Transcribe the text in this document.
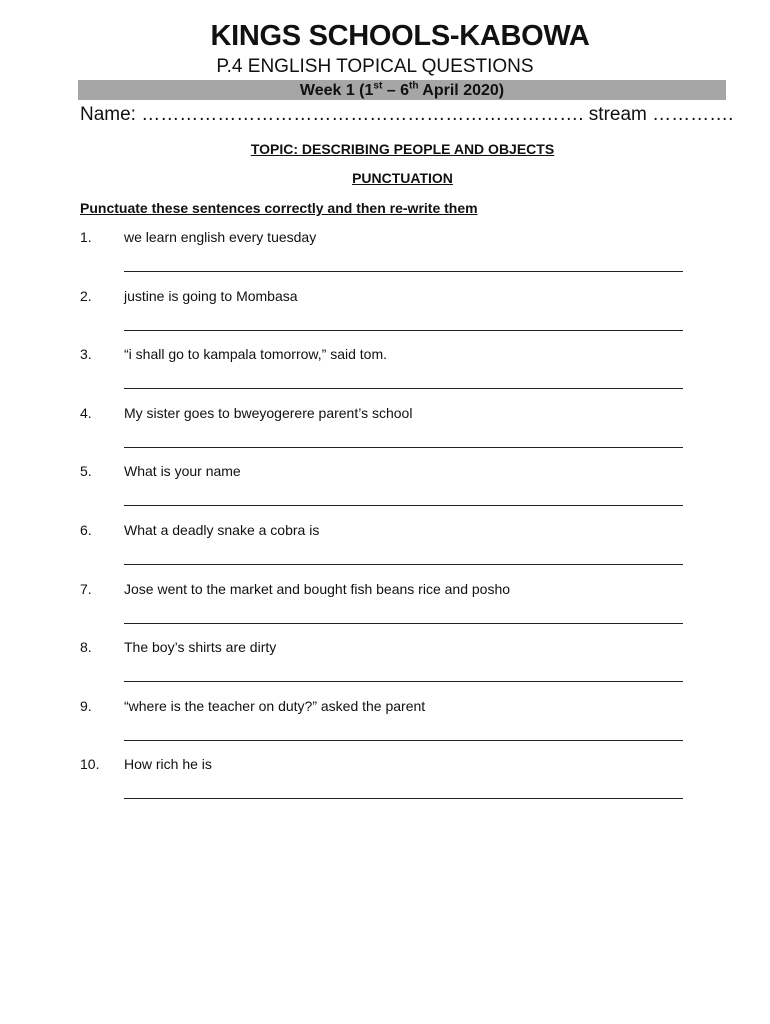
KINGS SCHOOLS-KABOWA
P.4 ENGLISH TOPICAL QUESTIONS
Week 1 (1st – 6th April 2020)
Name: ……………………………………………………………. stream ………….
TOPIC: DESCRIBING PEOPLE AND OBJECTS
PUNCTUATION
Punctuate these sentences correctly and then re-write them
1. we learn english every tuesday
2. justine is going to Mombasa
3. “i shall go to kampala tomorrow,” said tom.
4. My sister goes to bweyogerere parent’s school
5. What is your name
6. What a deadly snake a cobra is
7. Jose went to the market and bought fish beans rice and posho
8. The boy’s shirts are dirty
9. “where is the teacher on duty?” asked the parent
10. How rich he is
